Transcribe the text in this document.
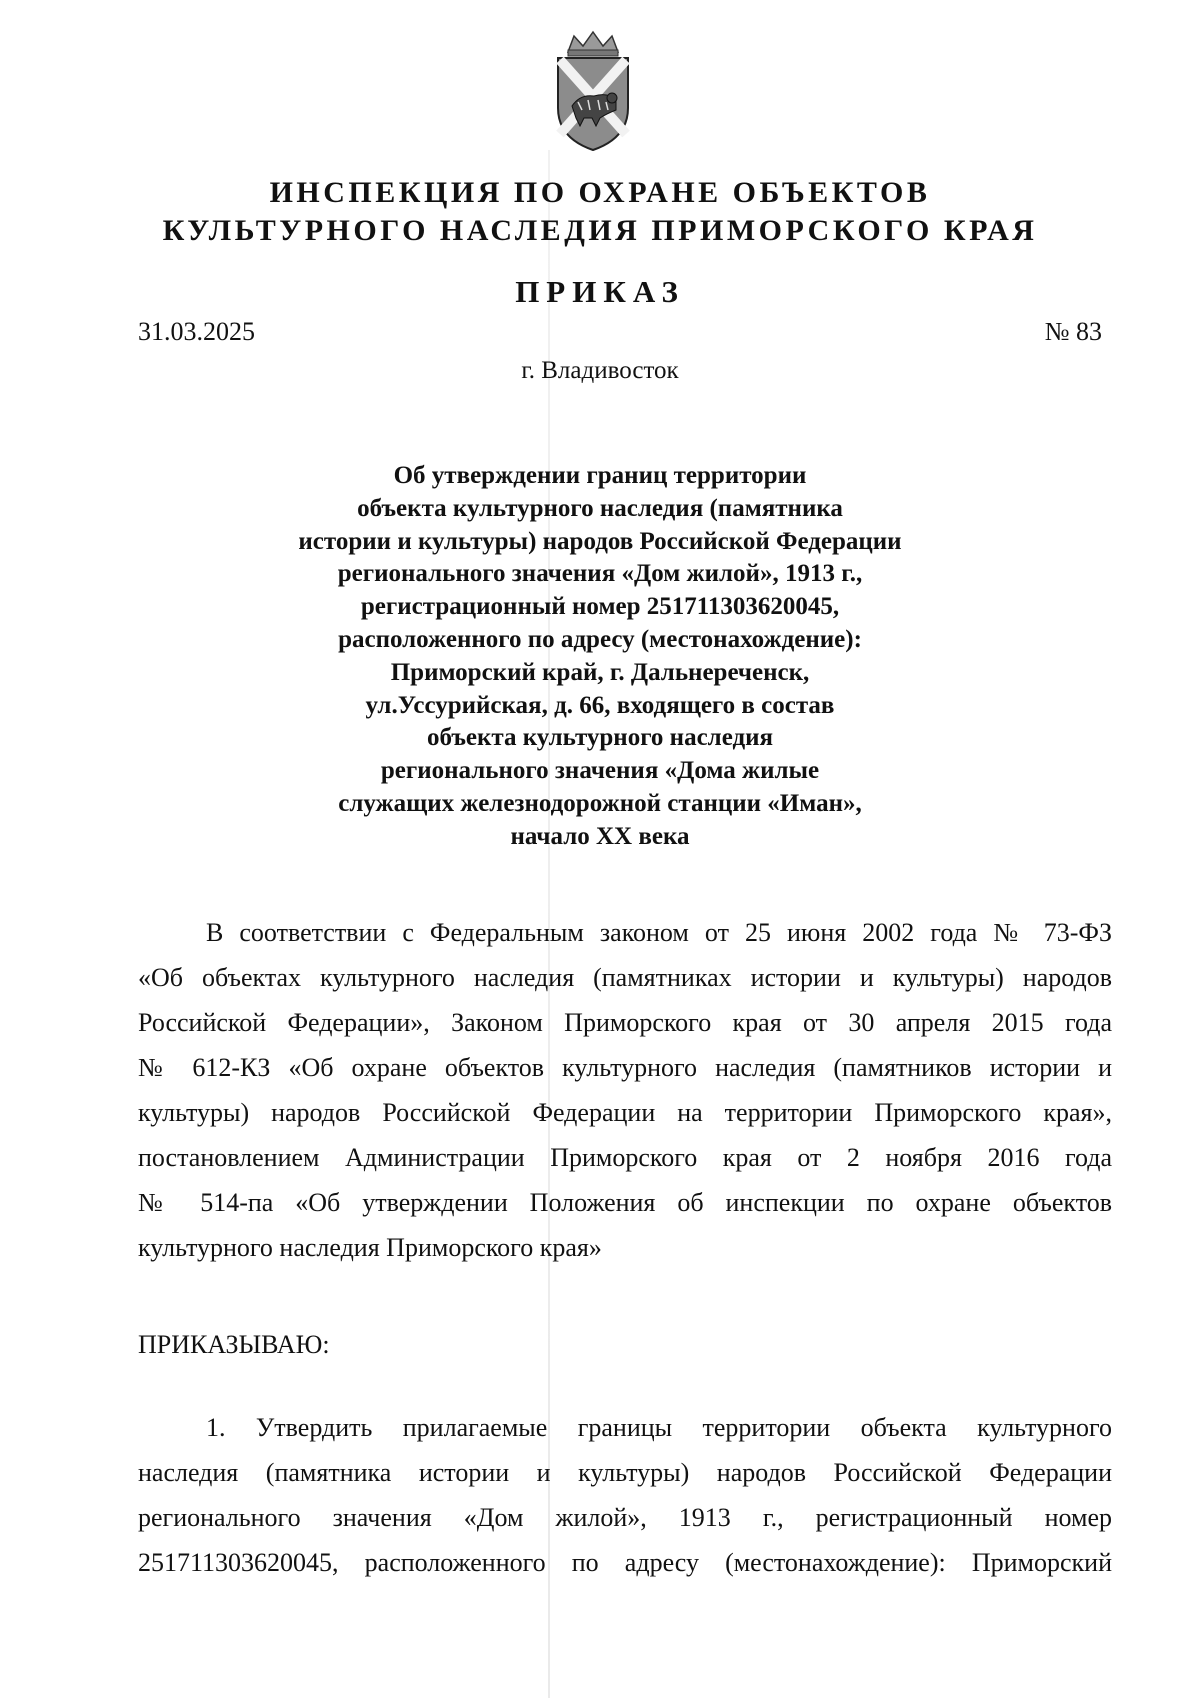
ИНСПЕКЦИЯ ПО ОХРАНЕ ОБЪЕКТОВ
КУЛЬТУРНОГО НАСЛЕДИЯ ПРИМОРСКОГО КРАЯ
ПРИКАЗ
31.03.2025	№ 83
г. Владивосток
Об утверждении границ территории
объекта культурного наследия (памятника
истории и культуры) народов Российской Федерации
регионального значения «Дом жилой», 1913 г.,
регистрационный номер 251711303620045,
расположенного по адресу (местонахождение):
Приморский край, г. Дальнереченск,
ул.Уссурийская, д. 66, входящего в состав
объекта культурного наследия
регионального значения «Дома жилые
служащих железнодорожной станции «Иман»,
начало XX века
В соответствии с Федеральным законом от 25 июня 2002 года № 73-ФЗ
«Об объектах культурного наследия (памятниках истории и культуры) народов
Российской Федерации», Законом Приморского края от 30 апреля 2015 года
№ 612-КЗ «Об охране объектов культурного наследия (памятников истории и
культуры) народов Российской Федерации на территории Приморского края»,
постановлением Администрации Приморского края от 2 ноября 2016 года
№ 514-па «Об утверждении Положения об инспекции по охране объектов
культурного наследия Приморского края»
ПРИКАЗЫВАЮ:
1. Утвердить прилагаемые границы территории объекта культурного
наследия (памятника истории и культуры) народов Российской Федерации
регионального значения «Дом жилой», 1913 г., регистрационный номер
251711303620045, расположенного по адресу (местонахождение): Приморский
